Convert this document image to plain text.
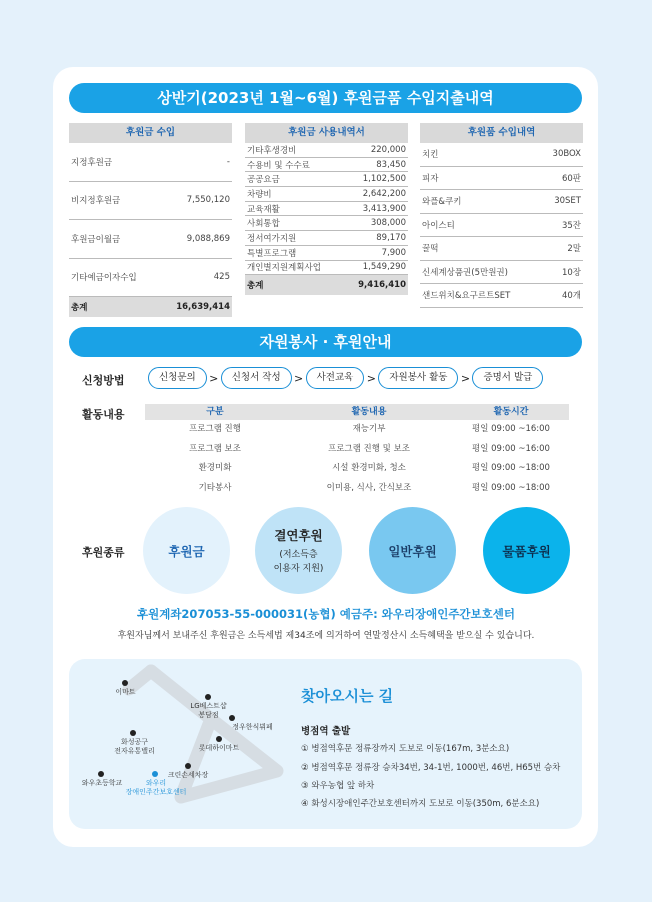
상반기(2023년 1월~6월) 후원금품 수입지출내역
후원금 수입
지정후원금	-
비지정후원금	7,550,120
후원금이월금	9,088,869
기타예금이자수입	425
총계	16,639,414
후원금 사용내역서
기타후생경비	220,000
수용비 및 수수료	83,450
공공요금	1,102,500
차량비	2,642,200
교육재활	3,413,900
사회통합	308,000
정서여가지원	89,170
특별프로그램	7,900
개인별지원계획사업	1,549,290
총계	9,416,410
후원품 수입내역
치킨	30BOX
피자	60판
와플&쿠키	30SET
아이스티	35잔
꿀떡	2말
신세계상품권(5만원권)	10장
샌드위치&요구르트SET	40개
자원봉사 · 후원안내
신청방법	신청문의	>	신청서 작성	>	사전교육	>	자원봉사 활동	>	증명서 발급
활동내용	구분	활동내용	활동시간
프로그램 진행	재능기부	평일 09:00 ~16:00
프로그램 보조	프로그램 진행 및 보조	평일 09:00 ~16:00
환경미화	시설 환경미화, 청소	평일 09:00 ~18:00
기타봉사	이미용, 식사, 간식보조	평일 09:00 ~18:00
후원종류	후원금
결연후원
(저소득층
이용자 지원)
일반후원	물품후원
후원계좌207053-55-000031(농협) 예금주: 와우리장애인주간보호센터
후원자님께서 보내주신 후원금은 소득세법 제34조에 의거하여 연말정산시 소득혜택을 받으실 수 있습니다.
이마트
LG베스트샵
봉담점
정우한식뷔페
화성공구
전자유통밸리	롯데하이마트
크린손세차장
와우초등학교	와우리
장애인주간보호센터
찾아오시는 길
병점역 출발
① 병점역후문 정류장까지 도보로 이동(167m, 3분소요)
② 병점역후문 정류장 승차34번, 34-1번, 1000번, 46번, H65번 승차
③ 와우농협 앞 하차
④ 화성시장애인주간보호센터까지 도보로 이동(350m, 6분소요)
